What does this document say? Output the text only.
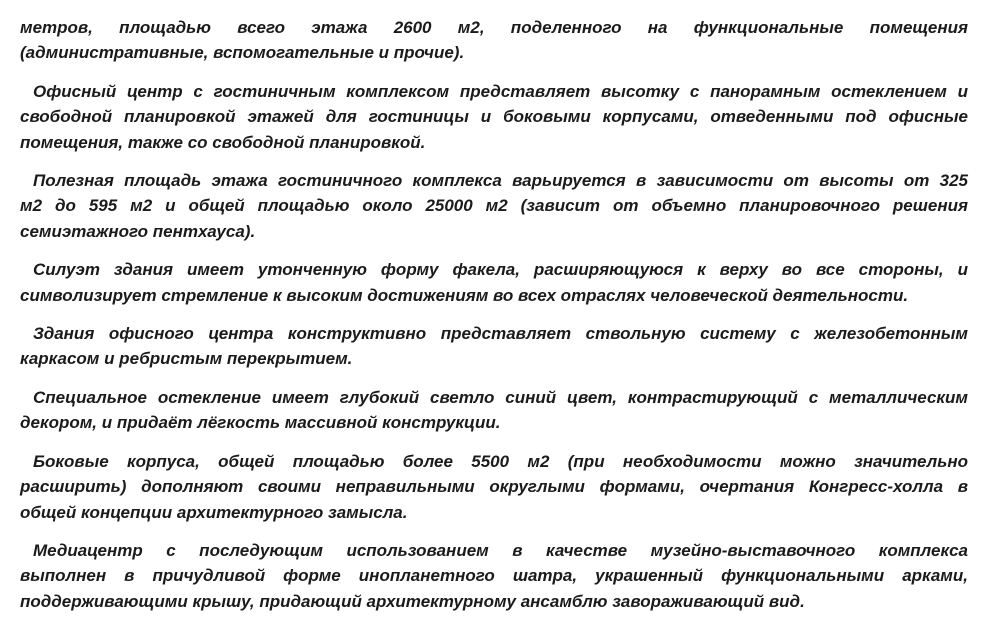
метров, площадью всего этажа 2600 м2, поделенного на функциональные помещения
(административные, вспомогательные и прочие).
Офисный центр с гостиничным комплексом представляет высотку с панорамным остеклением и
свободной планировкой этажей для гостиницы и боковыми корпусами, отведенными под офисные
помещения, также со свободной планировкой.
Полезная площадь этажа гостиничного комплекса варьируется в зависимости от высоты от 325
м2 до 595 м2 и общей площадью около 25000 м2 (зависит от объемно планировочного решения
семиэтажного пентхауса).
Силуэт здания имеет утонченную форму факела, расширяющуюся к верху во все стороны, и
символизирует стремление к высоким достижениям во всех отраслях человеческой деятельности.
Здания офисного центра конструктивно представляет ствольную систему с железобетонным
каркасом и ребристым перекрытием.
Специальное остекление имеет глубокий светло синий цвет, контрастирующий с металлическим
декором, и придаёт лёгкость массивной конструкции.
Боковые корпуса, общей площадью более 5500 м2 (при необходимости можно значительно
расширить) дополняют своими неправильными округлыми формами, очертания Конгресс-холла в
общей концепции архитектурного замысла.
Медиацентр с последующим использованием в качестве музейно-выставочного комплекса
выполнен в причудливой форме инопланетного шатра, украшенный функциональными арками,
поддерживающими крышу, придающий архитектурному ансамблю завораживающий вид.
